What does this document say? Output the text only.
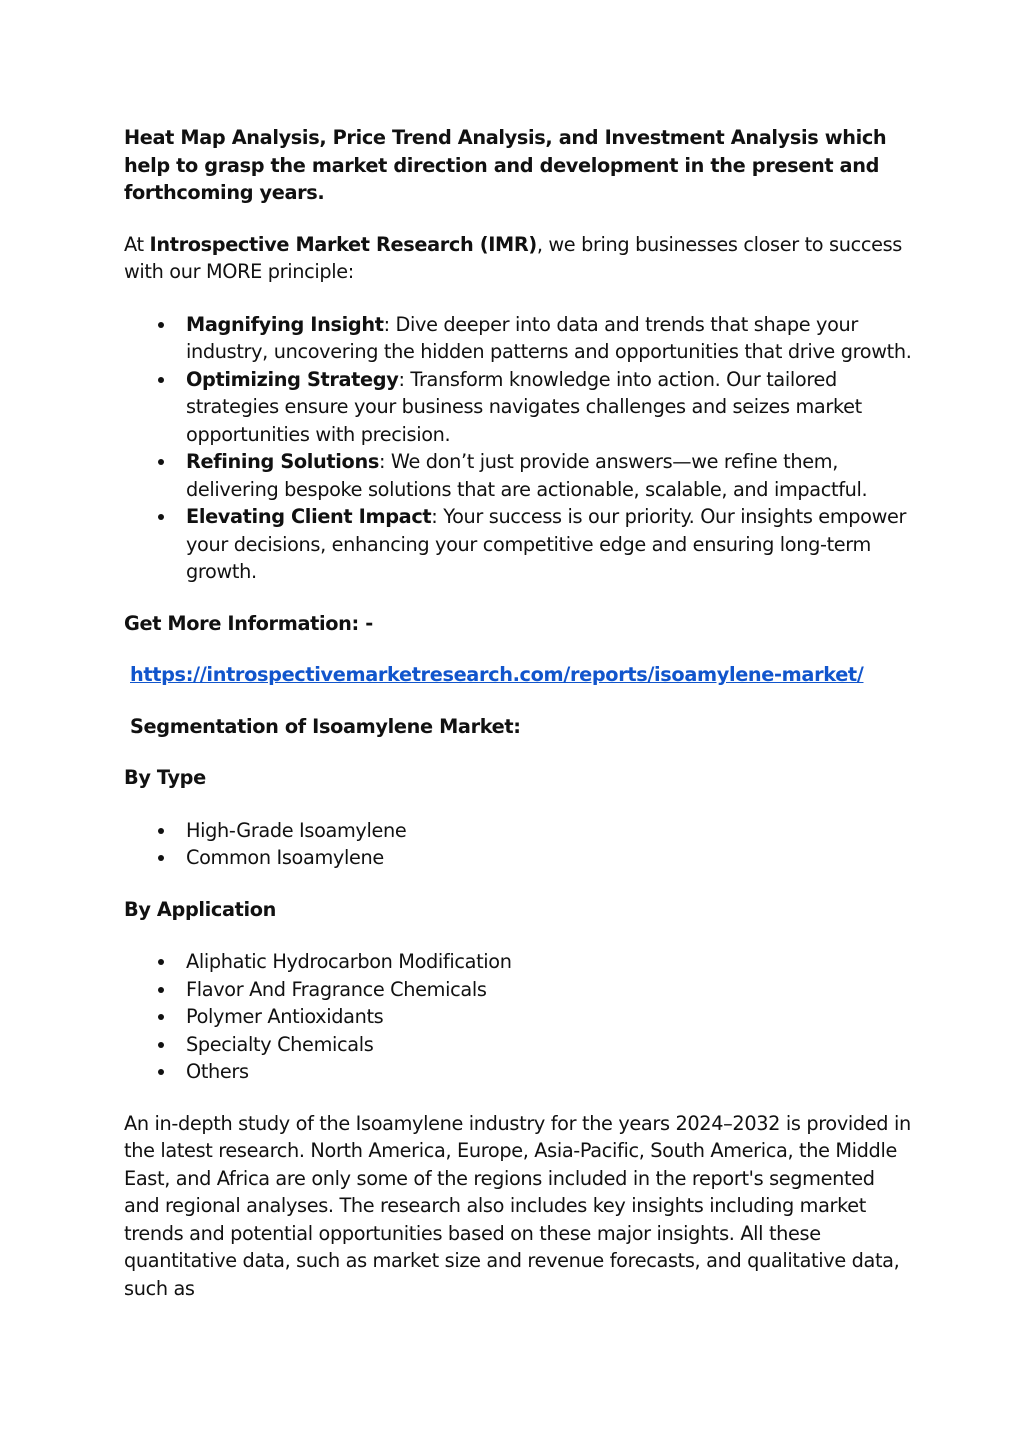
Heat Map Analysis, Price Trend Analysis, and Investment Analysis which help to grasp the market direction and development in the present and forthcoming years.

At Introspective Market Research (IMR), we bring businesses closer to success with our MORE principle:

Magnifying Insight: Dive deeper into data and trends that shape your industry, uncovering the hidden patterns and opportunities that drive growth.
Optimizing Strategy: Transform knowledge into action. Our tailored strategies ensure your business navigates challenges and seizes market opportunities with precision.
Refining Solutions: We don’t just provide answers—we refine them, delivering bespoke solutions that are actionable, scalable, and impactful.
Elevating Client Impact: Your success is our priority. Our insights empower your decisions, enhancing your competitive edge and ensuring long-term growth.

Get More Information: -

https://introspectivemarketresearch.com/reports/isoamylene-market/

Segmentation of Isoamylene Market:

By Type

High-Grade Isoamylene
Common Isoamylene

By Application

Aliphatic Hydrocarbon Modification
Flavor And Fragrance Chemicals
Polymer Antioxidants
Specialty Chemicals
Others

An in-depth study of the Isoamylene industry for the years 2024–2032 is provided in the latest research. North America, Europe, Asia-Pacific, South America, the Middle East, and Africa are only some of the regions included in the report's segmented and regional analyses. The research also includes key insights including market trends and potential opportunities based on these major insights. All these quantitative data, such as market size and revenue forecasts, and qualitative data, such as
